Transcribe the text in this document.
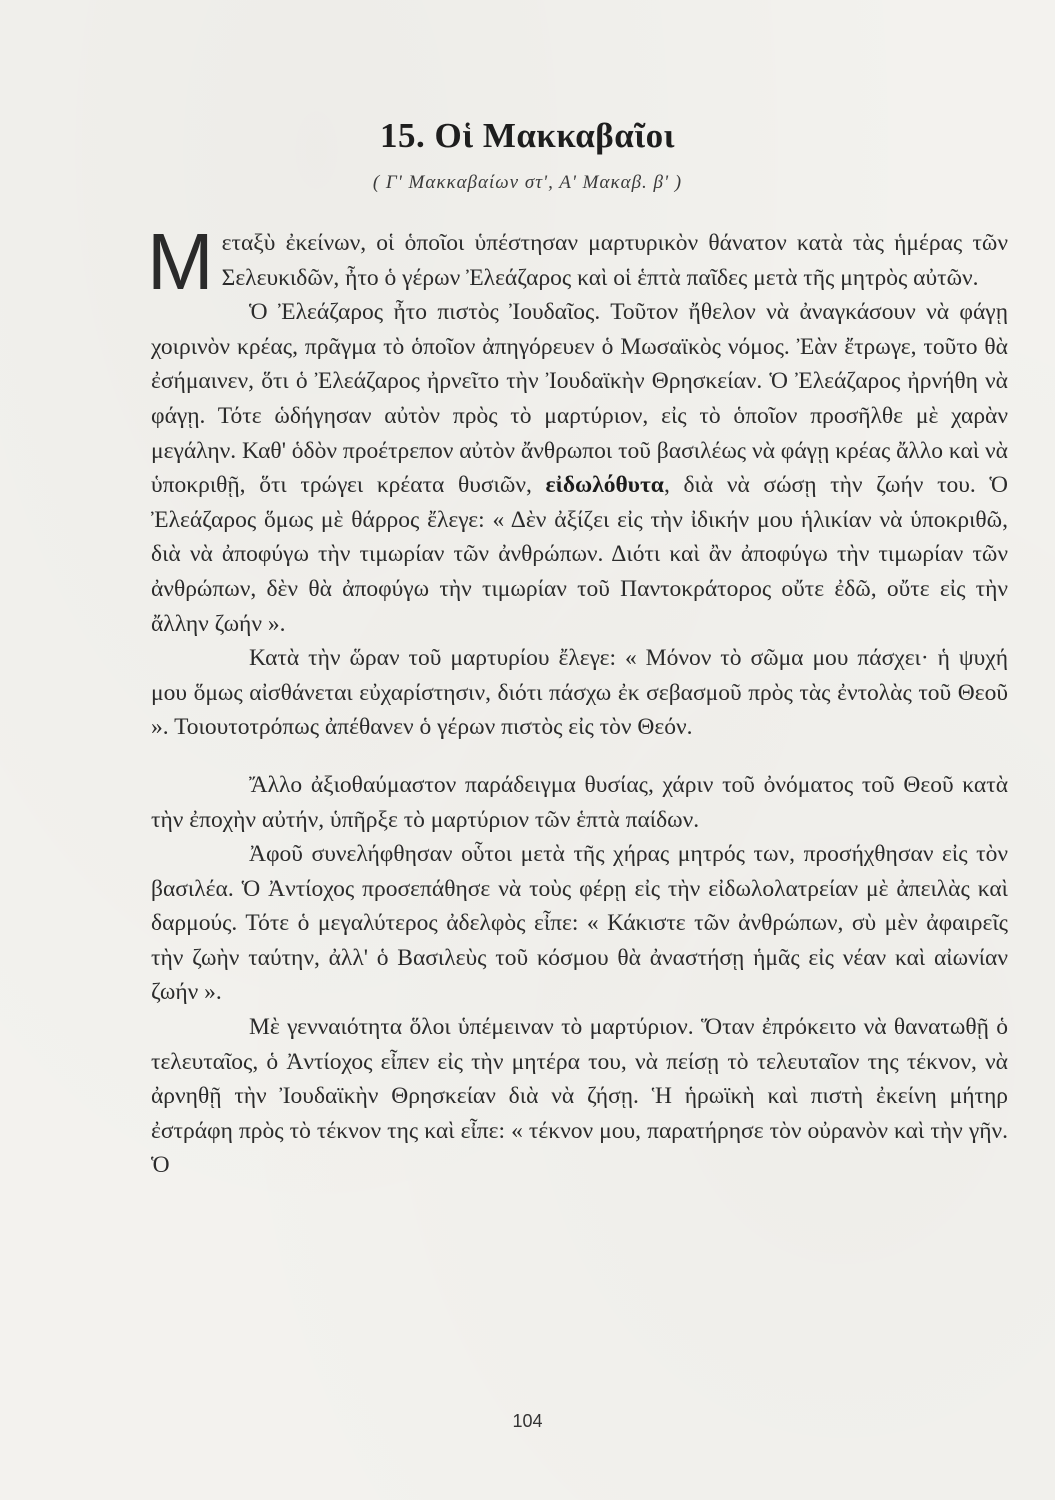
15. Οἱ Μακκαβαῖοι
( Γ' Μακκαβαίων στ', Α' Μακαβ. β' )

Μεταξὺ ἐκείνων, οἱ ὁποῖοι ὑπέστησαν μαρτυρικὸν θάνατον κατὰ τὰς ἡμέρας τῶν Σελευκιδῶν, ἦτο ὁ γέρων Ἐλεάζαρος καὶ οἱ ἑπτὰ παῖδες μετὰ τῆς μητρὸς αὐτῶν.

Ὁ Ἐλεάζαρος ἦτο πιστὸς Ἰουδαῖος. Τοῦτον ἤθελον νὰ ἀναγκάσουν νὰ φάγῃ χοιρινὸν κρέας, πρᾶγμα τὸ ὁποῖον ἀπηγόρευεν ὁ Μωσαϊκὸς νόμος. Ἐὰν ἔτρωγε, τοῦτο θὰ ἐσήμαινεν, ὅτι ὁ Ἐλεάζαρος ἠρνεῖτο τὴν Ἰουδαϊκὴν Θρησκείαν. Ὁ Ἐλεάζαρος ἠρνήθη νὰ φάγῃ. Τότε ὡδήγησαν αὐτὸν πρὸς τὸ μαρτύριον, εἰς τὸ ὁποῖον προσῆλθε μὲ χαρὰν μεγάλην. Καθ' ὁδὸν προέτρεπον αὐτὸν ἄνθρωποι τοῦ βασιλέως νὰ φάγῃ κρέας ἄλλο καὶ νὰ ὑποκριθῇ, ὅτι τρώγει κρέατα θυσιῶν, εἰδωλόθυτα, διὰ νὰ σώσῃ τὴν ζωήν του. Ὁ Ἐλεάζαρος ὅμως μὲ θάρρος ἔλεγε: « Δὲν ἀξίζει εἰς τὴν ἰδικήν μου ἡλικίαν νὰ ὑποκριθῶ, διὰ νὰ ἀποφύγω τὴν τιμωρίαν τῶν ἀνθρώπων. Διότι καὶ ἂν ἀποφύγω τὴν τιμωρίαν τῶν ἀνθρώπων, δὲν θὰ ἀποφύγω τὴν τιμωρίαν τοῦ Παντοκράτορος οὔτε ἐδῶ, οὔτε εἰς τὴν ἄλλην ζωήν ».

Κατὰ τὴν ὥραν τοῦ μαρτυρίου ἔλεγε: « Μόνον τὸ σῶμα μου πάσχει· ἡ ψυχή μου ὅμως αἰσθάνεται εὐχαρίστησιν, διότι πάσχω ἐκ σεβασμοῦ πρὸς τὰς ἐντολὰς τοῦ Θεοῦ ». Τοιουτοτρόπως ἀπέθανεν ὁ γέρων πιστὸς εἰς τὸν Θεόν.

Ἄλλο ἀξιοθαύμαστον παράδειγμα θυσίας, χάριν τοῦ ὀνόματος τοῦ Θεοῦ κατὰ τὴν ἐποχὴν αὐτήν, ὑπῆρξε τὸ μαρτύριον τῶν ἑπτὰ παίδων.

Ἀφοῦ συνελήφθησαν οὗτοι μετὰ τῆς χήρας μητρός των, προσήχθησαν εἰς τὸν βασιλέα. Ὁ Ἀντίοχος προσεπάθησε νὰ τοὺς φέρῃ εἰς τὴν εἰδωλολατρείαν μὲ ἀπειλὰς καὶ δαρμούς. Τότε ὁ μεγαλύτερος ἀδελφὸς εἶπε: « Κάκιστε τῶν ἀνθρώπων, σὺ μὲν ἀφαιρεῖς τὴν ζωὴν ταύτην, ἀλλ' ὁ Βασιλεὺς τοῦ κόσμου θὰ ἀναστήσῃ ἡμᾶς εἰς νέαν καὶ αἰωνίαν ζωήν ».

Μὲ γενναιότητα ὅλοι ὑπέμειναν τὸ μαρτύριον. Ὅταν ἐπρόκειτο νὰ θανατωθῇ ὁ τελευταῖος, ὁ Ἀντίοχος εἶπεν εἰς τὴν μητέρα του, νὰ πείσῃ τὸ τελευταῖον της τέκνον, νὰ ἀρνηθῇ τὴν Ἰουδαϊκὴν Θρησκείαν διὰ νὰ ζήσῃ. Ἡ ἡρωϊκὴ καὶ πιστὴ ἐκείνη μήτηρ ἐστράφη πρὸς τὸ τέκνον της καὶ εἶπε: « τέκνον μου, παρατήρησε τὸν οὐρανὸν καὶ τὴν γῆν. Ὁ

104
